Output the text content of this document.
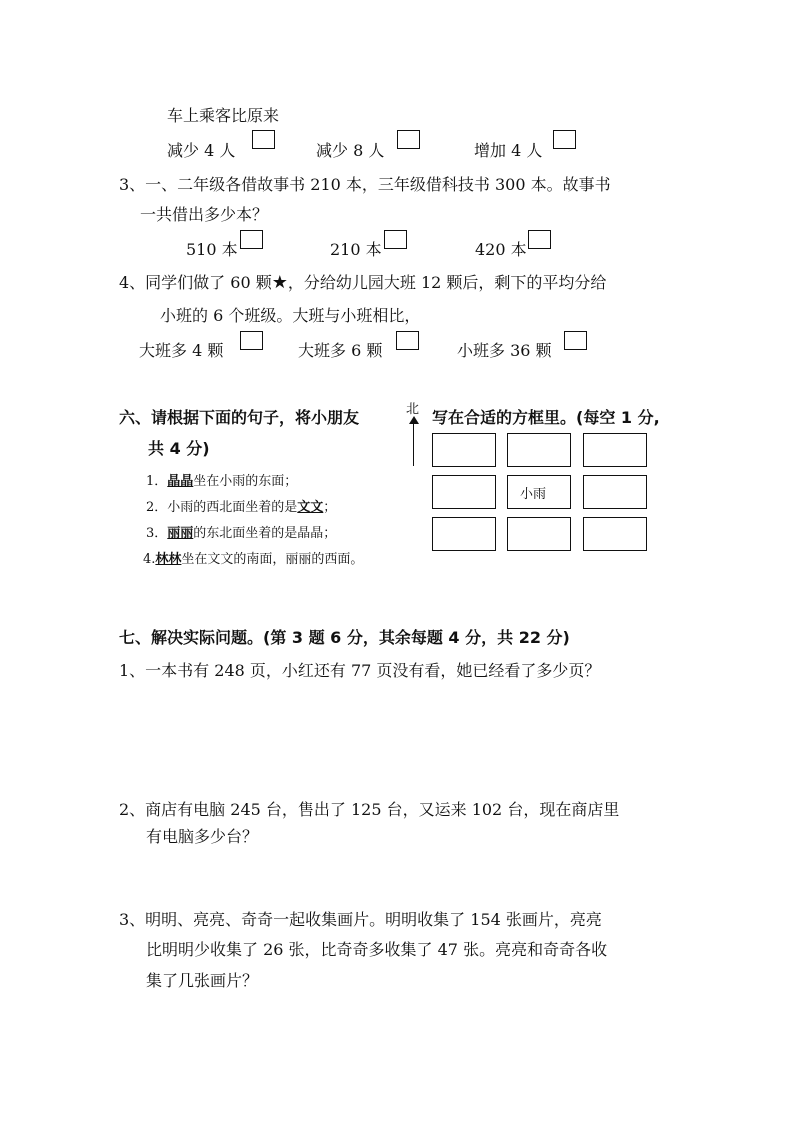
车上乘客比原来
减少 4 人	减少 8 人	增加 4 人
3、一、二年级各借故事书 210 本，三年级借科技书 300 本。故事书
一共借出多少本？
510 本	210 本	420 本
4、同学们做了 60 颗★，分给幼儿园大班 12 颗后，剩下的平均分给
小班的 6 个班级。大班与小班相比，
大班多 4 颗	大班多 6 颗	小班多 36 颗
六、请根据下面的句子，将小朋友	北 写在合适的方框里。(每空 1 分,
共 4 分)
1．晶晶坐在小雨的东面；
2．小雨的西北面坐着的是文文；
3．丽丽的东北面坐着的是晶晶；
4.林林坐在文文的南面，丽丽的西面。
小雨
七、解决实际问题。(第 3 题 6 分，其余每题 4 分，共 22 分)
1、一本书有 248 页，小红还有 77 页没有看，她已经看了多少页？
2、商店有电脑 245 台，售出了 125 台，又运来 102 台，现在商店里
有电脑多少台？
3、明明、亮亮、奇奇一起收集画片。明明收集了 154 张画片，亮亮
比明明少收集了 26 张，比奇奇多收集了 47 张。亮亮和奇奇各收
集了几张画片？
